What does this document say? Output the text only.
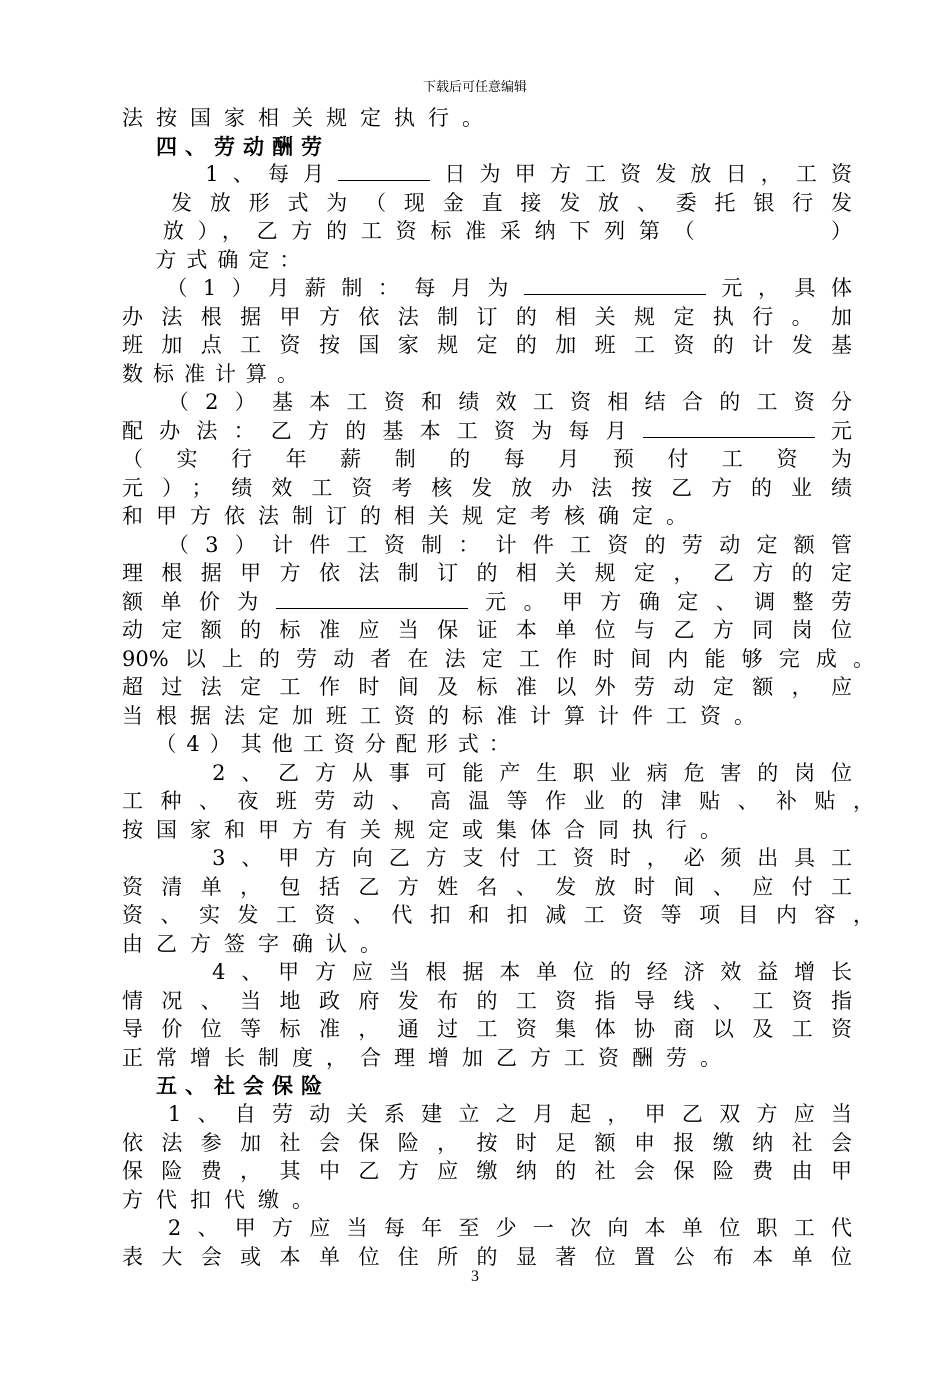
下载后可任意编辑
法按国家相关规定执行。
四、劳动酬劳
1、每月	日为甲方工资发放日，工资
发放形式为（现金直接发放、委托银行发
放），乙方的工资标准采纳下列第（      ）
方式确定：
（1）月薪制：每月为	元，具体
办法根据甲方依法制订的相关规定执行。加
班加点工资按国家规定的加班工资的计发基
数标准计算。
（2）基本工资和绩效工资相结合的工资分
配办法：乙方的基本工资为每月	元
（实行年薪制的每月预付工资为
元）；绩效工资考核发放办法按乙方的业绩
和甲方依法制订的相关规定考核确定。
（3）计件工资制：计件工资的劳动定额管
理根据甲方依法制订的相关规定，乙方的定
额单价为	元。甲方确定、调整劳
动定额的标准应当保证本单位与乙方同岗位
90%以上的劳动者在法定工作时间内能够完成。
超过法定工作时间及标准以外劳动定额，应
当根据法定加班工资的标准计算计件工资。
（4）其他工资分配形式：
2、乙方从事可能产生职业病危害的岗位
工种、夜班劳动、高温等作业的津贴、补贴，
按国家和甲方有关规定或集体合同执行。
3、甲方向乙方支付工资时，必须出具工
资清单，包括乙方姓名、发放时间、应付工
资、实发工资、代扣和扣减工资等项目内容，
由乙方签字确认。
4、甲方应当根据本单位的经济效益增长
情况、当地政府发布的工资指导线、工资指
导价位等标准，通过工资集体协商以及工资
正常增长制度，合理增加乙方工资酬劳。
五、社会保险
1、自劳动关系建立之月起，甲乙双方应当
依法参加社会保险，按时足额申报缴纳社会
保险费，其中乙方应缴纳的社会保险费由甲
方代扣代缴。
2、甲方应当每年至少一次向本单位职工代
表大会或本单位住所的显著位置公布本单位
3
